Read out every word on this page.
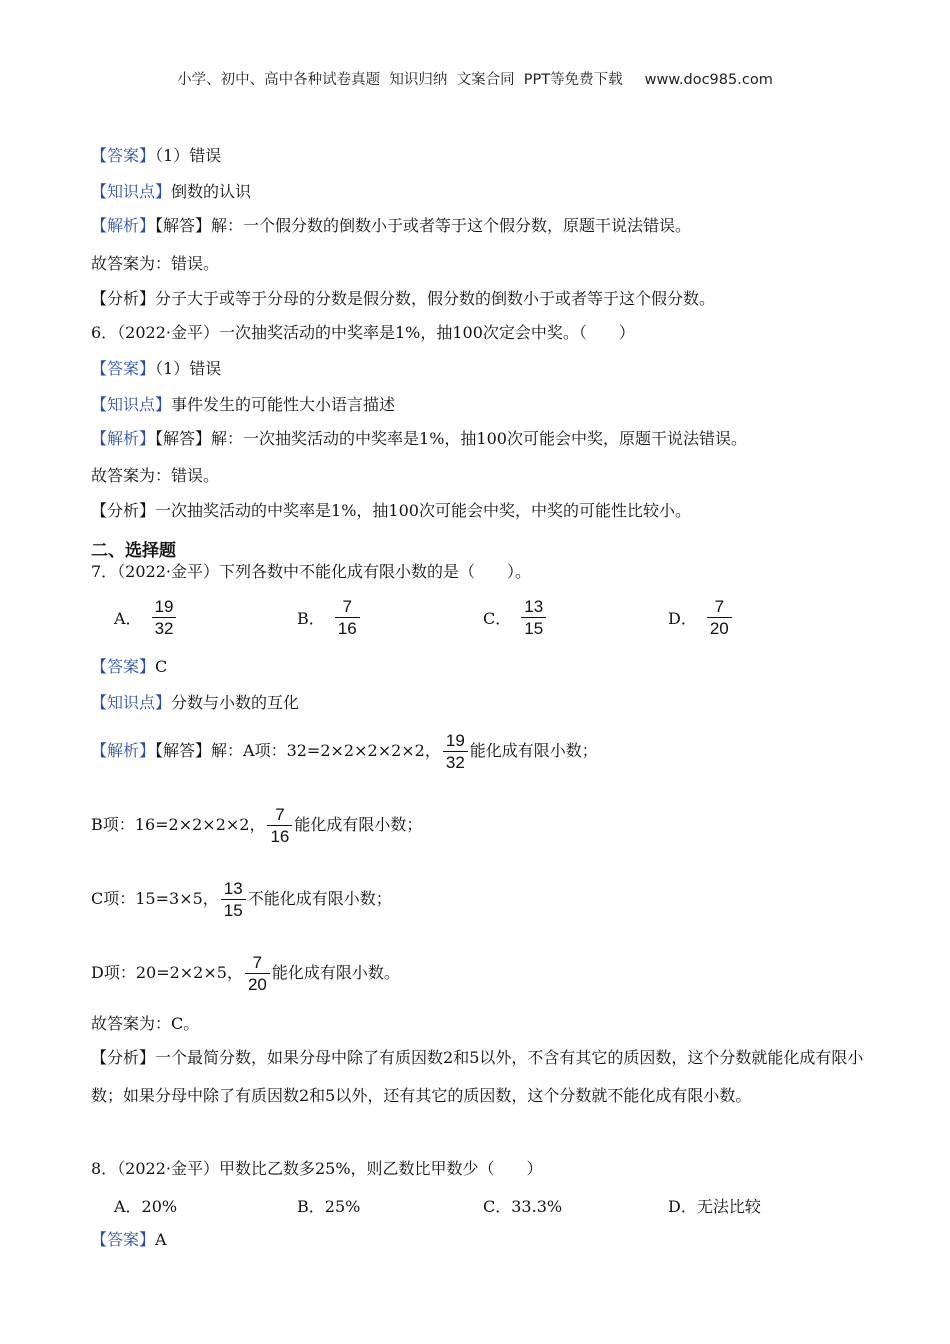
小学、初中、高中各种试卷真题  知识归纳  文案合同  PPT等免费下载 www.doc985.com
【答案】（1）错误
【知识点】倒数的认识
【解析】【解答】解：一个假分数的倒数小于或者等于这个假分数，原题干说法错误。
故答案为：错误。
【分析】分子大于或等于分母的分数是假分数，假分数的倒数小于或者等于这个假分数。
6．（2022·金平）一次抽奖活动的中奖率是1%，抽100次定会中奖。（　　）
【答案】（1）错误
【知识点】事件发生的可能性大小语言描述
【解析】【解答】解：一次抽奖活动的中奖率是1%，抽100次可能会中奖，原题干说法错误。
故答案为：错误。
【分析】一次抽奖活动的中奖率是1%，抽100次可能会中奖，中奖的可能性比较小。
二、选择题
7．（2022·金平）下列各数中不能化成有限小数的是（　　）。
A． $\frac{19}{32}$	B． $\frac{7}{16}$	C． $\frac{13}{15}$	D． $\frac{7}{20}$
【答案】C
【知识点】分数与小数的互化
【解析】【解答】解：A项：32=2×2×2×2×2， $\frac{19}{32}$ 能化成有限小数；
B项：16=2×2×2×2， $\frac{7}{16}$ 能化成有限小数；
C项：15=3×5， $\frac{13}{15}$ 不能化成有限小数；
D项：20=2×2×5， $\frac{7}{20}$ 能化成有限小数。
故答案为：C。
【分析】一个最简分数，如果分母中除了有质因数2和5以外，不含有其它的质因数，这个分数就能化成有限小数；如果分母中除了有质因数2和5以外，还有其它的质因数，这个分数就不能化成有限小数。
8．（2022·金平）甲数比乙数多25%，则乙数比甲数少（　　）
A．20%	B．25%	C．33.3%	D．无法比较
【答案】A
